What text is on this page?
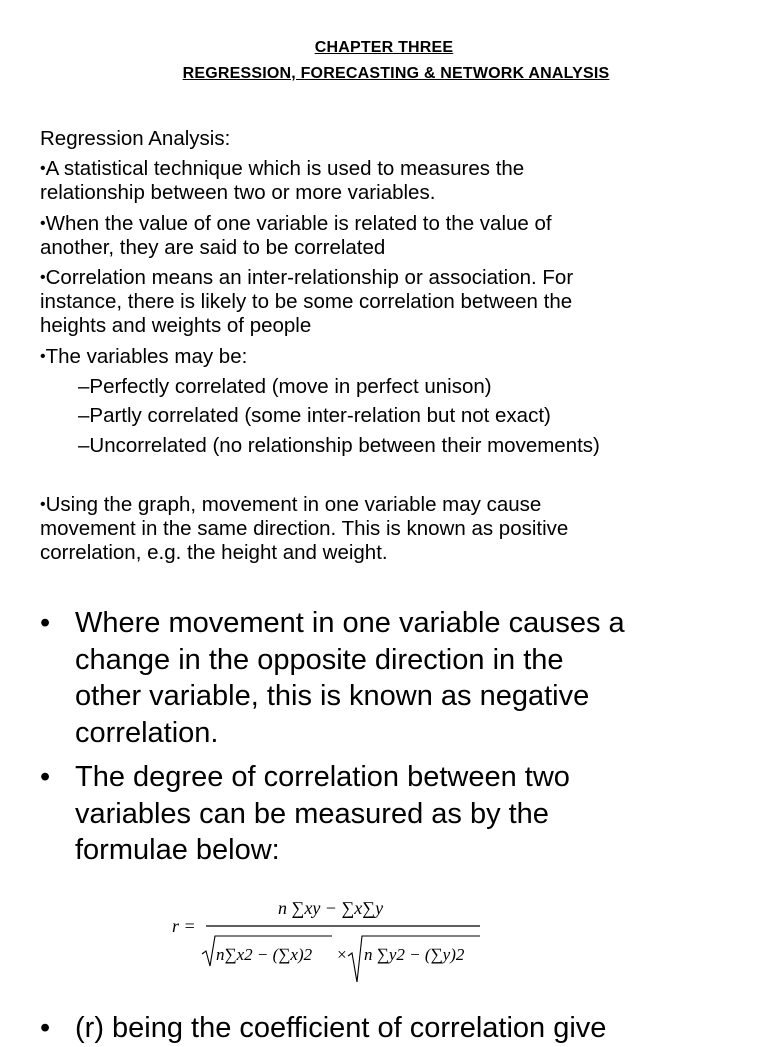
CHAPTER THREE
REGRESSION, FORECASTING & NETWORK ANALYSIS
Regression Analysis:
• A statistical technique which is used to measures the
relationship between two or more variables.
• When the value of one variable is related to the value of
another, they are said to be correlated
• Correlation means an inter-relationship or association. For
instance, there is likely to be some correlation between the
heights and weights of people
• The variables may be:
– Perfectly correlated (move in perfect unison)
– Partly correlated (some inter-relation but not exact)
– Uncorrelated (no relationship between their movements)
• Using the graph, movement in one variable may cause
movement in the same direction. This is known as positive
correlation, e.g. the height and weight.
• Where movement in one variable causes a
change in the opposite direction in the
other variable, this is known as negative
correlation.
• The degree of correlation between two
variables can be measured as by the
formulae below:
r =
n ∑xy − ∑x∑y
n∑x2 − (∑x)2 × n ∑y2 − (∑y)2
• (r) being the coefficient of correlation give
